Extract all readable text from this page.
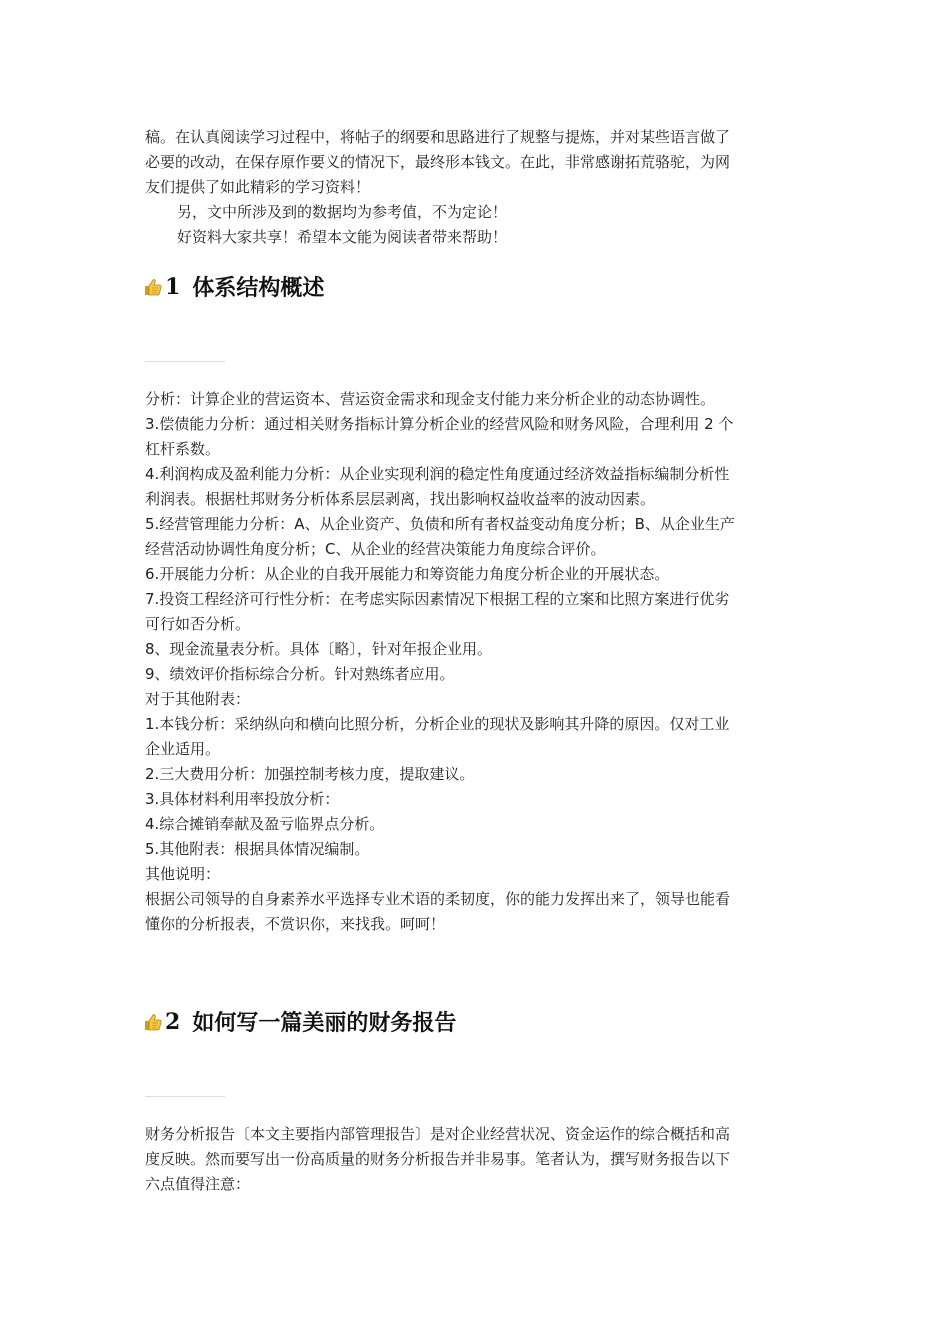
稿。在认真阅读学习过程中，将帖子的纲要和思路进行了规整与提炼，并对某些语言做了
必要的改动，在保存原作要义的情况下，最终形本钱文。在此，非常感谢拓荒骆驼，为网
友们提供了如此精彩的学习资料！
另，文中所涉及到的数据均为参考值，不为定论！
好资料大家共享！希望本文能为阅读者带来帮助！
1 体系结构概述
分析：计算企业的营运资本、营运资金需求和现金支付能力来分析企业的动态协调性。
3.偿债能力分析：通过相关财务指标计算分析企业的经营风险和财务风险，合理利用 2 个
杠杆系数。
4.利润构成及盈利能力分析：从企业实现利润的稳定性角度通过经济效益指标编制分析性
利润表。根据杜邦财务分析体系层层剥离，找出影响权益收益率的波动因素。
5.经营管理能力分析：A、从企业资产、负债和所有者权益变动角度分析；B、从企业生产
经营活动协调性角度分析；C、从企业的经营决策能力角度综合评价。
6.开展能力分析：从企业的自我开展能力和筹资能力角度分析企业的开展状态。
7.投资工程经济可行性分析：在考虑实际因素情况下根据工程的立案和比照方案进行优劣
可行如否分析。
8、现金流量表分析。具体〔略〕，针对年报企业用。
9、绩效评价指标综合分析。针对熟练者应用。
对于其他附表：
1.本钱分析：采纳纵向和横向比照分析，分析企业的现状及影响其升降的原因。仅对工业
企业适用。
2.三大费用分析：加强控制考核力度，提取建议。
3.具体材料利用率投放分析：
4.综合摊销奉献及盈亏临界点分析。
5.其他附表：根据具体情况编制。
其他说明：
根据公司领导的自身素养水平选择专业术语的柔韧度，你的能力发挥出来了，领导也能看
懂你的分析报表，不赏识你，来找我。呵呵！
2 如何写一篇美丽的财务报告
财务分析报告〔本文主要指内部管理报告〕是对企业经营状况、资金运作的综合概括和高
度反映。然而要写出一份高质量的财务分析报告并非易事。笔者认为，撰写财务报告以下
六点值得注意：
